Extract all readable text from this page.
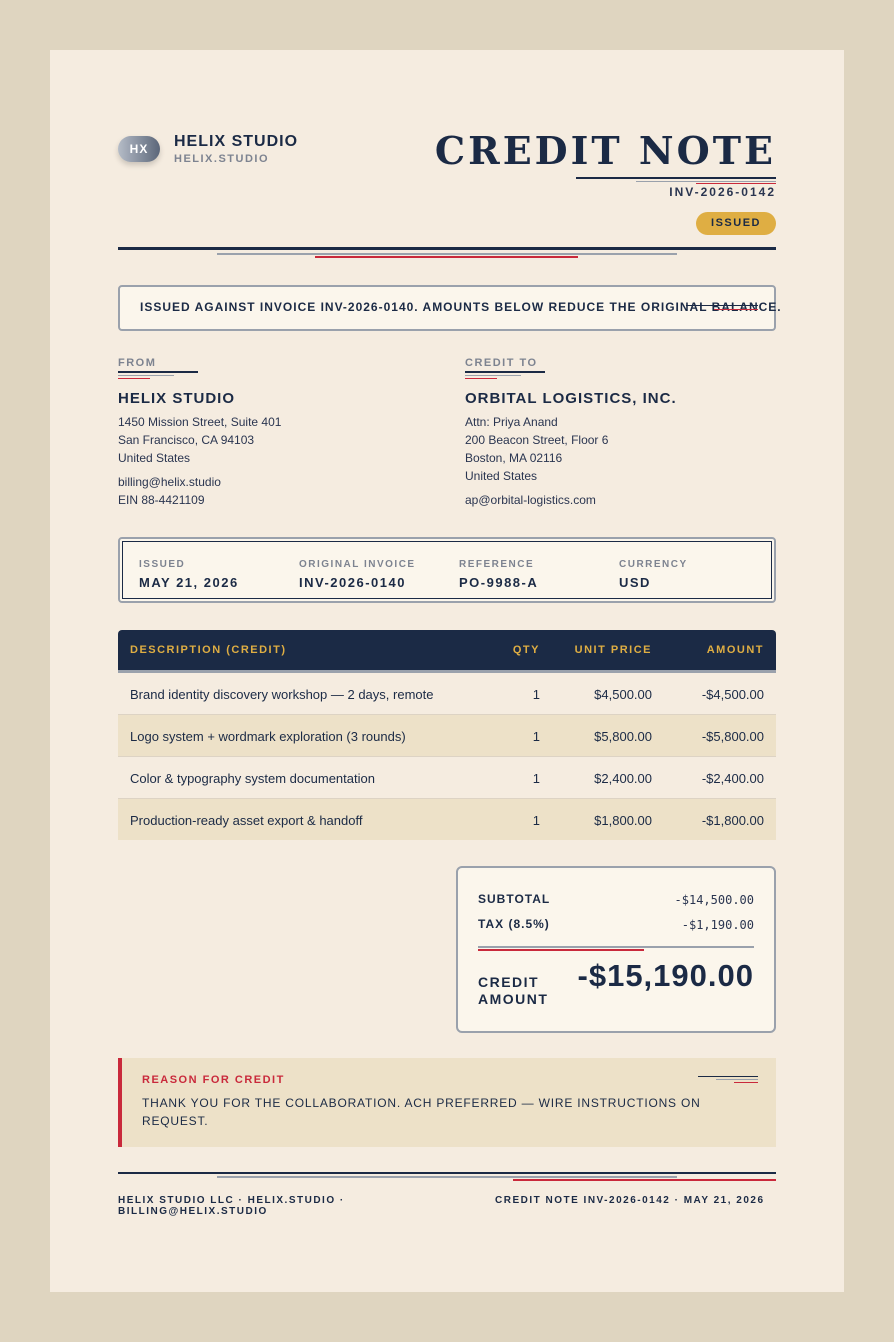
HX	HELIX STUDIO
HELIX.STUDIO	CREDIT NOTE
INV-2026-0142
ISSUED
ISSUED AGAINST INVOICE INV-2026-0140. AMOUNTS BELOW REDUCE THE ORIGINAL BALANCE.
FROM
HELIX STUDIO
1450 Mission Street, Suite 401
San Francisco, CA 94103
United States
billing@helix.studio
EIN 88-4421109
CREDIT TO
ORBITAL LOGISTICS, INC.
Attn: Priya Anand
200 Beacon Street, Floor 6
Boston, MA 02116
United States
ap@orbital-logistics.com
ISSUED
MAY 21, 2026
ORIGINAL INVOICE
INV-2026-0140
REFERENCE
PO-9988-A
CURRENCY
USD
DESCRIPTION (CREDIT)	QTY	UNIT PRICE	AMOUNT
Brand identity discovery workshop — 2 days, remote	1	$4,500.00	-$4,500.00
Logo system + wordmark exploration (3 rounds)	1	$5,800.00	-$5,800.00
Color & typography system documentation	1	$2,400.00	-$2,400.00
Production-ready asset export & handoff	1	$1,800.00	-$1,800.00
SUBTOTAL	-$14,500.00
TAX (8.5%)	-$1,190.00
CREDIT
AMOUNT
-$15,190.00
REASON FOR CREDIT
THANK YOU FOR THE COLLABORATION. ACH PREFERRED — WIRE INSTRUCTIONS ON REQUEST.
HELIX STUDIO LLC · HELIX.STUDIO · BILLING@HELIX.STUDIO
CREDIT NOTE INV-2026-0142 · MAY 21, 2026
